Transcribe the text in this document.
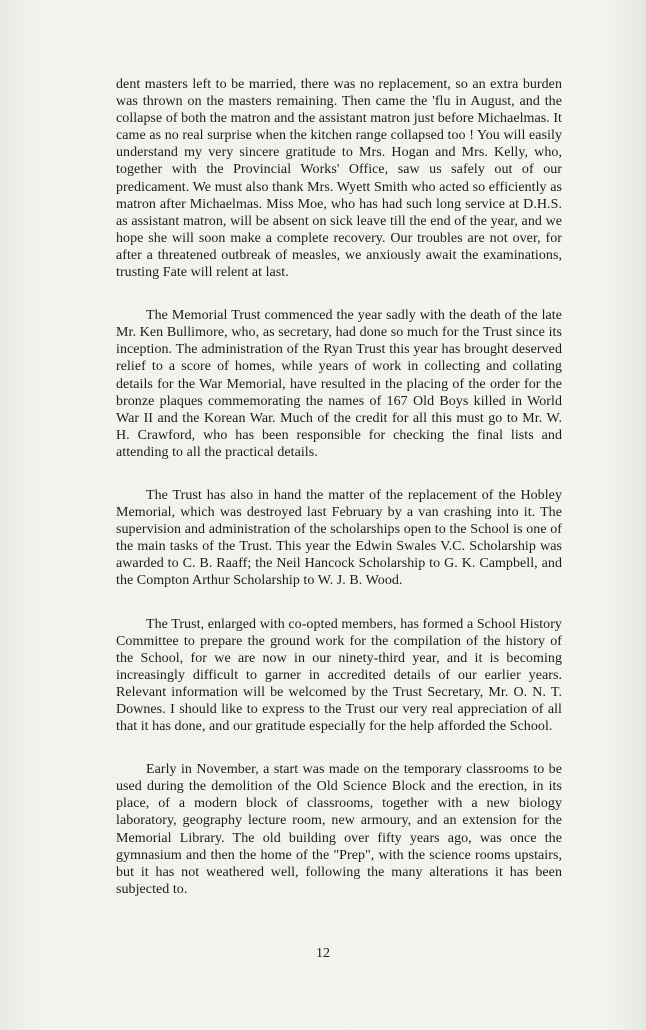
dent masters left to be married, there was no replacement, so an extra burden was thrown on the masters remaining. Then came the 'flu in August, and the collapse of both the matron and the assistant matron just before Michaelmas. It came as no real surprise when the kitchen range collapsed too ! You will easily understand my very sincere gratitude to Mrs. Hogan and Mrs. Kelly, who, together with the Provincial Works' Office, saw us safely out of our predicament. We must also thank Mrs. Wyett Smith who acted so efficiently as matron after Michaelmas. Miss Moe, who has had such long service at D.H.S. as assistant matron, will be absent on sick leave till the end of the year, and we hope she will soon make a complete recovery. Our troubles are not over, for after a threatened outbreak of measles, we anxiously await the examinations, trusting Fate will relent at last.

The Memorial Trust commenced the year sadly with the death of the late Mr. Ken Bullimore, who, as secretary, had done so much for the Trust since its inception. The administration of the Ryan Trust this year has brought deserved relief to a score of homes, while years of work in collecting and collating details for the War Memorial, have resulted in the placing of the order for the bronze plaques commemorating the names of 167 Old Boys killed in World War II and the Korean War. Much of the credit for all this must go to Mr. W. H. Crawford, who has been responsible for checking the final lists and attending to all the practical details.

The Trust has also in hand the matter of the replacement of the Hobley Memorial, which was destroyed last February by a van crashing into it. The supervision and administration of the scholarships open to the School is one of the main tasks of the Trust. This year the Edwin Swales V.C. Scholarship was awarded to C. B. Raaff; the Neil Hancock Scholarship to G. K. Campbell, and the Compton Arthur Scholarship to W. J. B. Wood.

The Trust, enlarged with co-opted members, has formed a School History Committee to prepare the ground work for the compilation of the history of the School, for we are now in our ninety-third year, and it is becoming increasingly difficult to garner in accredited details of our earlier years. Relevant information will be welcomed by the Trust Secretary, Mr. O. N. T. Downes. I should like to express to the Trust our very real appreciation of all that it has done, and our gratitude especially for the help afforded the School.

Early in November, a start was made on the temporary classrooms to be used during the demolition of the Old Science Block and the erection, in its place, of a modern block of classrooms, together with a new biology laboratory, geography lecture room, new armoury, and an extension for the Memorial Library. The old building over fifty years ago, was once the gymnasium and then the home of the "Prep", with the science rooms upstairs, but it has not weathered well, following the many alterations it has been subjected to.

12
